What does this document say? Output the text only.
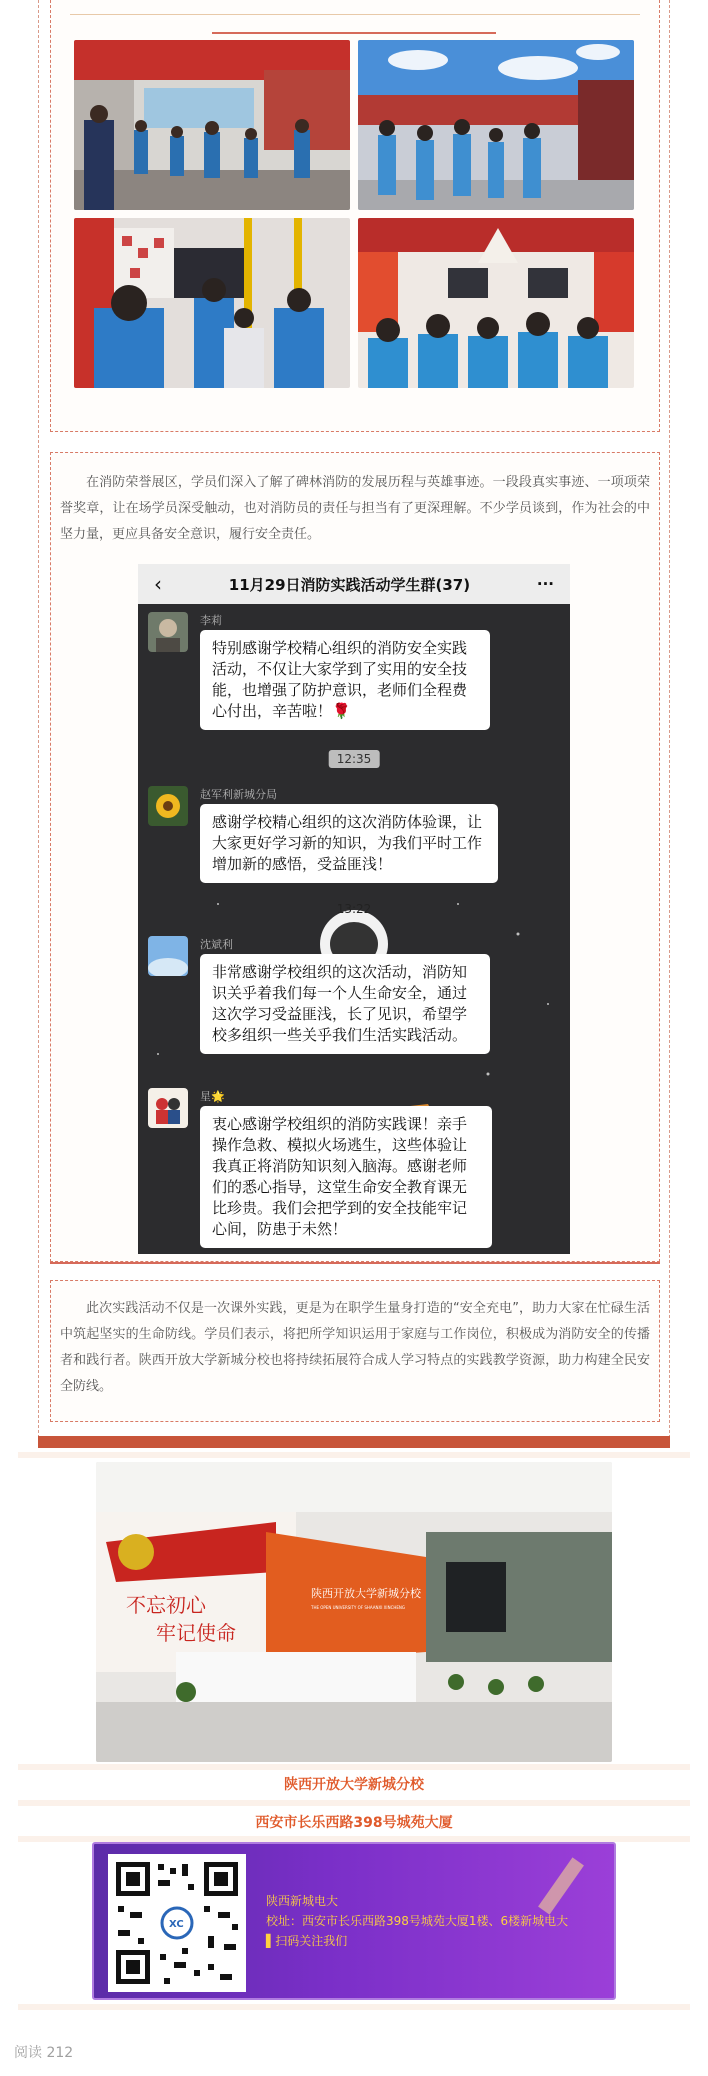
在消防荣誉展区，学员们深入了解了碑林消防的发展历程与英雄事迹。一段段真实事迹、一项项荣誉奖章，让在场学员深受触动，也对消防员的责任与担当有了更深理解。不少学员谈到，作为社会的中坚力量，更应具备安全意识，履行安全责任。

‹	11月29日消防实践活动学生群(37)	···
李莉
特别感谢学校精心组织的消防安全实践活动，不仅让大家学到了实用的安全技能，也增强了防护意识，老师们全程费心付出，辛苦啦！🌹
12:35
赵军利新城分局
感谢学校精心组织的这次消防体验课，让大家更好学习新的知识，为我们平时工作增加新的感悟，受益匪浅！
13:22
沈斌利
非常感谢学校组织的这次活动，消防知识关乎着我们每一个人生命安全，通过这次学习受益匪浅，长了见识，希望学校多组织一些关乎我们生活实践活动。
星🌟
衷心感谢学校组织的消防实践课！亲手操作急救、模拟火场逃生，这些体验让我真正将消防知识刻入脑海。感谢老师们的悉心指导，这堂生命安全教育课无比珍贵。我们会把学到的安全技能牢记心间，防患于未然！

此次实践活动不仅是一次课外实践，更是为在职学生量身打造的“安全充电”，助力大家在忙碌生活中筑起坚实的生命防线。学员们表示，将把所学知识运用于家庭与工作岗位，积极成为消防安全的传播者和践行者。陕西开放大学新城分校也将持续拓展符合成人学习特点的实践教学资源，助力构建全民安全防线。

不忘初心
牢记使命
陕西开放大学新城分校
THE OPEN UNIVERSITY OF SHAANXI XINCHENG
陕西开放大学新城分校
西安市长乐西路398号城苑大厦
XC
陕西新城电大
校址：西安市长乐西路398号城苑大厦1楼、6楼新城电大
▌扫码关注我们
阅读 212
